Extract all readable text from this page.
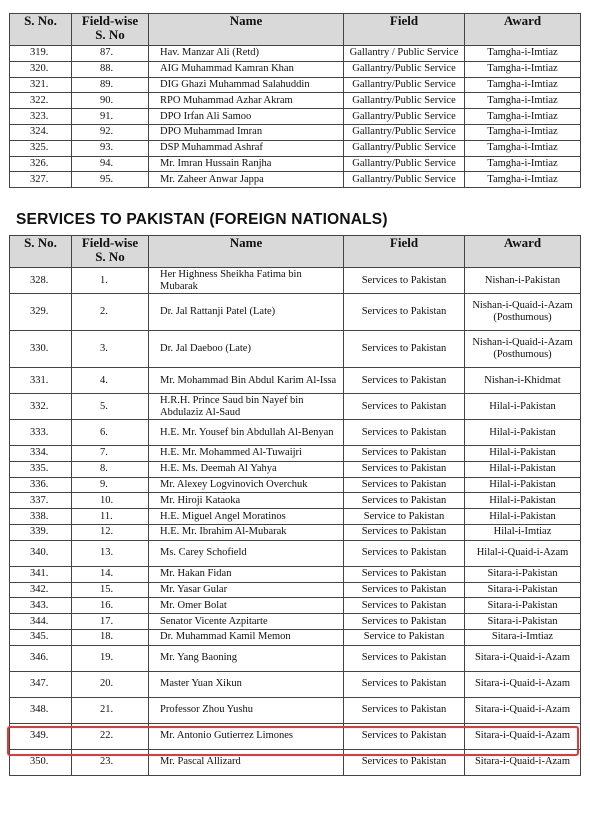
S. No.	Field-wise S. No	Name	Field	Award
319.	87.	Hav. Manzar Ali (Retd)	Gallantry / Public Service	Tamgha-i-Imtiaz
320.	88.	AIG Muhammad Kamran Khan	Gallantry/Public Service	Tamgha-i-Imtiaz
321.	89.	DIG Ghazi Muhammad Salahuddin	Gallantry/Public Service	Tamgha-i-Imtiaz
322.	90.	RPO Muhammad Azhar Akram	Gallantry/Public Service	Tamgha-i-Imtiaz
323.	91.	DPO Irfan Ali Samoo	Gallantry/Public Service	Tamgha-i-Imtiaz
324.	92.	DPO Muhammad Imran	Gallantry/Public Service	Tamgha-i-Imtiaz
325.	93.	DSP Muhammad Ashraf	Gallantry/Public Service	Tamgha-i-Imtiaz
326.	94.	Mr. Imran Hussain Ranjha	Gallantry/Public Service	Tamgha-i-Imtiaz
327.	95.	Mr. Zaheer Anwar Jappa	Gallantry/Public Service	Tamgha-i-Imtiaz
SERVICES TO PAKISTAN (FOREIGN NATIONALS)
S. No.	Field-wise S. No	Name	Field	Award
328.	1.	Her Highness Sheikha Fatima bin Mubarak	Services to Pakistan	Nishan-i-Pakistan
329.	2.	Dr. Jal Rattanji Patel (Late)	Services to Pakistan	Nishan-i-Quaid-i-Azam (Posthumous)
330.	3.	Dr. Jal Daeboo (Late)	Services to Pakistan	Nishan-i-Quaid-i-Azam (Posthumous)
331.	4.	Mr. Mohammad Bin Abdul Karim Al-Issa	Services to Pakistan	Nishan-i-Khidmat
332.	5.	H.R.H. Prince Saud bin Nayef bin Abdulaziz Al-Saud	Services to Pakistan	Hilal-i-Pakistan
333.	6.	H.E. Mr. Yousef bin Abdullah Al-Benyan	Services to Pakistan	Hilal-i-Pakistan
334.	7.	H.E. Mr. Mohammed Al-Tuwaijri	Services to Pakistan	Hilal-i-Pakistan
335.	8.	H.E. Ms. Deemah Al Yahya	Services to Pakistan	Hilal-i-Pakistan
336.	9.	Mr. Alexey Logvinovich Overchuk	Services to Pakistan	Hilal-i-Pakistan
337.	10.	Mr. Hiroji Kataoka	Services to Pakistan	Hilal-i-Pakistan
338.	11.	H.E. Miguel Angel Moratinos	Service to Pakistan	Hilal-i-Pakistan
339.	12.	H.E. Mr. Ibrahim Al-Mubarak	Services to Pakistan	Hilal-i-Imtiaz
340.	13.	Ms. Carey Schofield	Services to Pakistan	Hilal-i-Quaid-i-Azam
341.	14.	Mr. Hakan Fidan	Services to Pakistan	Sitara-i-Pakistan
342.	15.	Mr. Yasar Gular	Services to Pakistan	Sitara-i-Pakistan
343.	16.	Mr. Omer Bolat	Services to Pakistan	Sitara-i-Pakistan
344.	17.	Senator Vicente Azpitarte	Services to Pakistan	Sitara-i-Pakistan
345.	18.	Dr. Muhammad Kamil Memon	Service to Pakistan	Sitara-i-Imtiaz
346.	19.	Mr. Yang Baoning	Services to Pakistan	Sitara-i-Quaid-i-Azam
347.	20.	Master Yuan Xikun	Services to Pakistan	Sitara-i-Quaid-i-Azam
348.	21.	Professor Zhou Yushu	Services to Pakistan	Sitara-i-Quaid-i-Azam
349.	22.	Mr. Antonio Gutierrez Limones	Services to Pakistan	Sitara-i-Quaid-i-Azam
350.	23.	Mr. Pascal Allizard	Services to Pakistan	Sitara-i-Quaid-i-Azam
